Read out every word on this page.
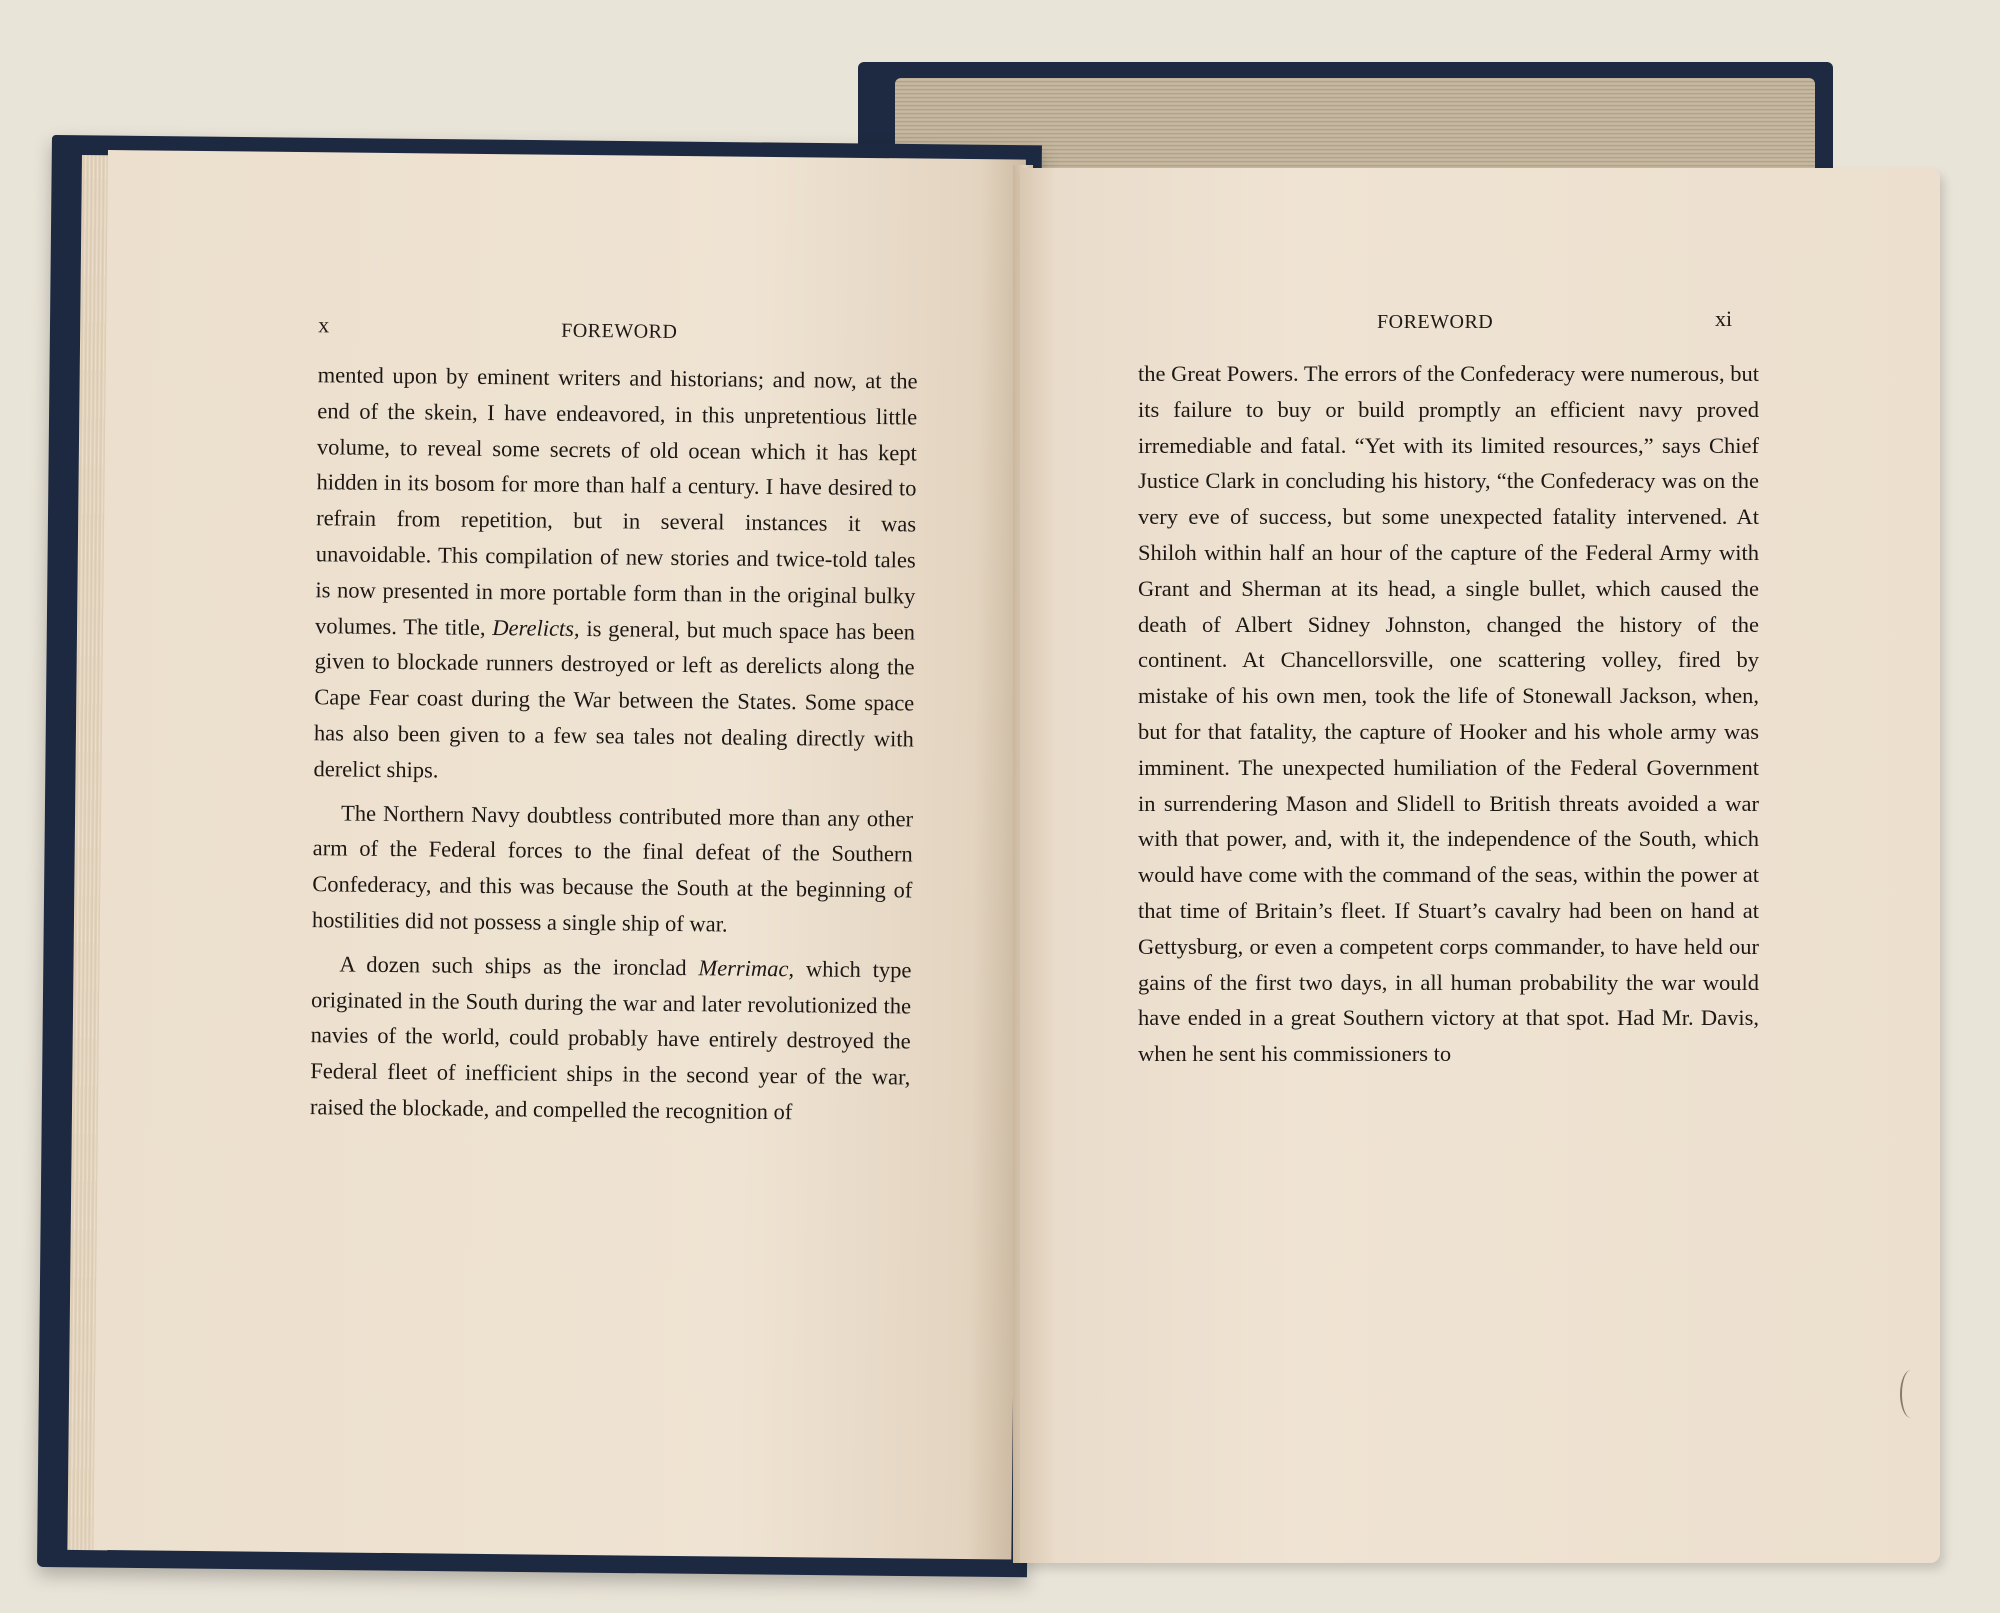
x	FOREWORD

mented upon by eminent writers and historians; and now, at the end of the skein, I have endeavored, in this unpretentious little volume, to reveal some secrets of old ocean which it has kept hidden in its bosom for more than half a century. I have desired to refrain from repetition, but in several instances it was unavoidable. This compilation of new stories and twice-told tales is now presented in more portable form than in the original bulky volumes. The title, Derelicts, is general, but much space has been given to blockade runners destroyed or left as derelicts along the Cape Fear coast during the War between the States. Some space has also been given to a few sea tales not dealing directly with derelict ships.

The Northern Navy doubtless contributed more than any other arm of the Federal forces to the final defeat of the Southern Confederacy, and this was because the South at the beginning of hostilities did not possess a single ship of war.

A dozen such ships as the ironclad Merrimac, which type originated in the South during the war and later revolutionized the navies of the world, could probably have entirely destroyed the Federal fleet of inefficient ships in the second year of the war, raised the blockade, and compelled the recognition of

FOREWORD	xi

the Great Powers. The errors of the Confederacy were numerous, but its failure to buy or build promptly an efficient navy proved irremediable and fatal. “Yet with its limited resources,” says Chief Justice Clark in concluding his history, “the Confederacy was on the very eve of success, but some unexpected fatality intervened. At Shiloh within half an hour of the capture of the Federal Army with Grant and Sherman at its head, a single bullet, which caused the death of Albert Sidney Johnston, changed the history of the continent. At Chancellorsville, one scattering volley, fired by mistake of his own men, took the life of Stonewall Jackson, when, but for that fatality, the capture of Hooker and his whole army was imminent. The unexpected humiliation of the Federal Government in surrendering Mason and Slidell to British threats avoided a war with that power, and, with it, the independence of the South, which would have come with the command of the seas, within the power at that time of Britain’s fleet. If Stuart’s cavalry had been on hand at Gettysburg, or even a competent corps commander, to have held our gains of the first two days, in all human probability the war would have ended in a great Southern victory at that spot. Had Mr. Davis, when he sent his commissioners to
